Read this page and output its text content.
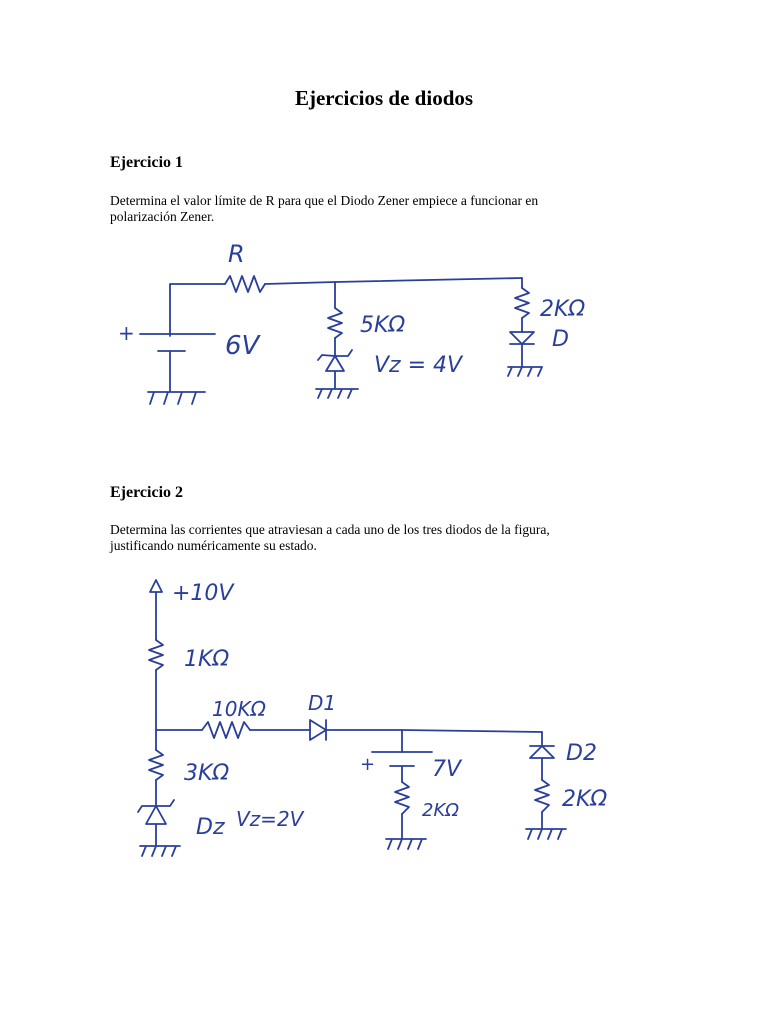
Ejercicios de diodos
Ejercicio 1
Determina el valor límite de R para que el Diodo Zener empiece a funcionar en
polarización Zener.
R
+	6V
5KΩ
Vz = 4V
2KΩ
D
Ejercicio 2
Determina las corrientes que atraviesan a cada uno de los tres diodos de la figura,
justificando numéricamente su estado.
+10V
1KΩ
10KΩ D1
3KΩ
Dz Vz=2V
+	7V
2KΩ
D2
2KΩ
